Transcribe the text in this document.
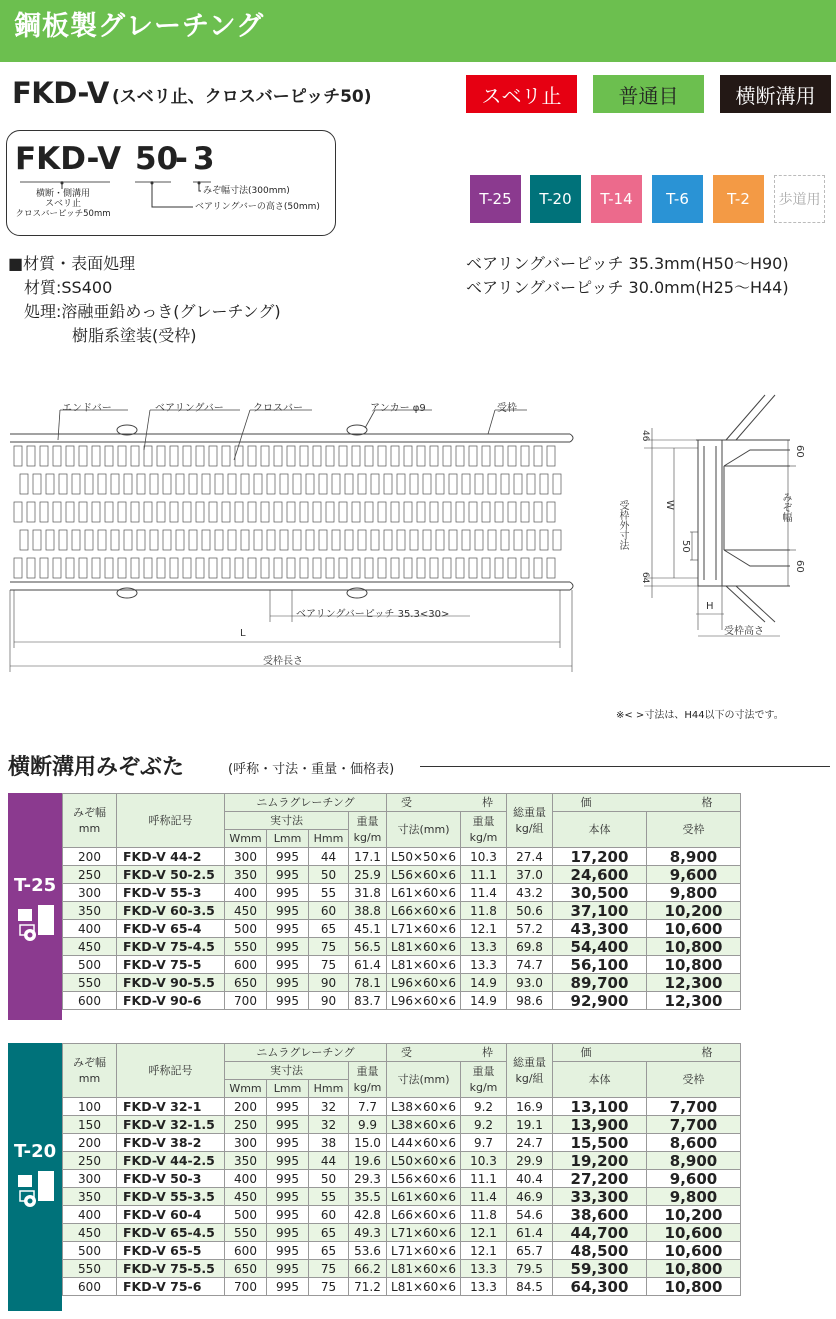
鋼板製グレーチング
FKD-V (スベリ止、クロスバーピッチ50)	スベリ止	普通目	横断溝用
FKD-V 50
- 3
横断・側溝用
スベリ止
クロスバーピッチ50mm
みぞ幅寸法(300mm)
ベアリングバーの高さ(50mm)	T-25	T-20	T-14	T-6	T-2	歩道用
■材質・表面処理
材質:SS400
処理:溶融亜鉛めっき(グレーチング)
樹脂系塗装(受枠)
ベアリングバーピッチ 35.3mm(H50〜H90)
ベアリングバーピッチ 30.0mm(H25〜H44)
エンドバー	ベアリングバー	クロスバー	アンカー φ9	受枠
ベアリングバーピッチ 35.3<30>
L
受枠長さ
46
64
受枠外寸法	W
50
60
60
みぞ幅
H
受枠高さ
※< >寸法は、H44以下の寸法です。
横断溝用みぞぶた	(呼称・寸法・重量・価格表)
T-25
T-20
みぞ幅
mm	呼称記号	ニムラグレーチング				受 枠		総重量
kg/組	価 格	
		実寸法			重量
kg/m	寸法(mm)	重量
kg/m		本体	受枠
		Wmm	Lmm	Hmm						
200	FKD-V 44-2	300	995	44	17.1	L50×50×6	10.3	27.4	17,200	8,900
250	FKD-V 50-2.5	350	995	50	25.9	L56×60×6	11.1	37.0	24,600	9,600
300	FKD-V 55-3	400	995	55	31.8	L61×60×6	11.4	43.2	30,500	9,800
350	FKD-V 60-3.5	450	995	60	38.8	L66×60×6	11.8	50.6	37,100	10,200
400	FKD-V 65-4	500	995	65	45.1	L71×60×6	12.1	57.2	43,300	10,600
450	FKD-V 75-4.5	550	995	75	56.5	L81×60×6	13.3	69.8	54,400	10,800
500	FKD-V 75-5	600	995	75	61.4	L81×60×6	13.3	74.7	56,100	10,800
550	FKD-V 90-5.5	650	995	90	78.1	L96×60×6	14.9	93.0	89,700	12,300
600	FKD-V 90-6	700	995	90	83.7	L96×60×6	14.9	98.6	92,900	12,300
みぞ幅
mm	呼称記号	ニムラグレーチング				受 枠		総重量
kg/組	価 格	
		実寸法			重量
kg/m	寸法(mm)	重量
kg/m		本体	受枠
		Wmm	Lmm	Hmm						
100	FKD-V 32-1	200	995	32	7.7	L38×60×6	9.2	16.9	13,100	7,700
150	FKD-V 32-1.5	250	995	32	9.9	L38×60×6	9.2	19.1	13,900	7,700
200	FKD-V 38-2	300	995	38	15.0	L44×60×6	9.7	24.7	15,500	8,600
250	FKD-V 44-2.5	350	995	44	19.6	L50×60×6	10.3	29.9	19,200	8,900
300	FKD-V 50-3	400	995	50	29.3	L56×60×6	11.1	40.4	27,200	9,600
350	FKD-V 55-3.5	450	995	55	35.5	L61×60×6	11.4	46.9	33,300	9,800
400	FKD-V 60-4	500	995	60	42.8	L66×60×6	11.8	54.6	38,600	10,200
450	FKD-V 65-4.5	550	995	65	49.3	L71×60×6	12.1	61.4	44,700	10,600
500	FKD-V 65-5	600	995	65	53.6	L71×60×6	12.1	65.7	48,500	10,600
550	FKD-V 75-5.5	650	995	75	66.2	L81×60×6	13.3	79.5	59,300	10,800
600	FKD-V 75-6	700	995	75	71.2	L81×60×6	13.3	84.5	64,300	10,800
